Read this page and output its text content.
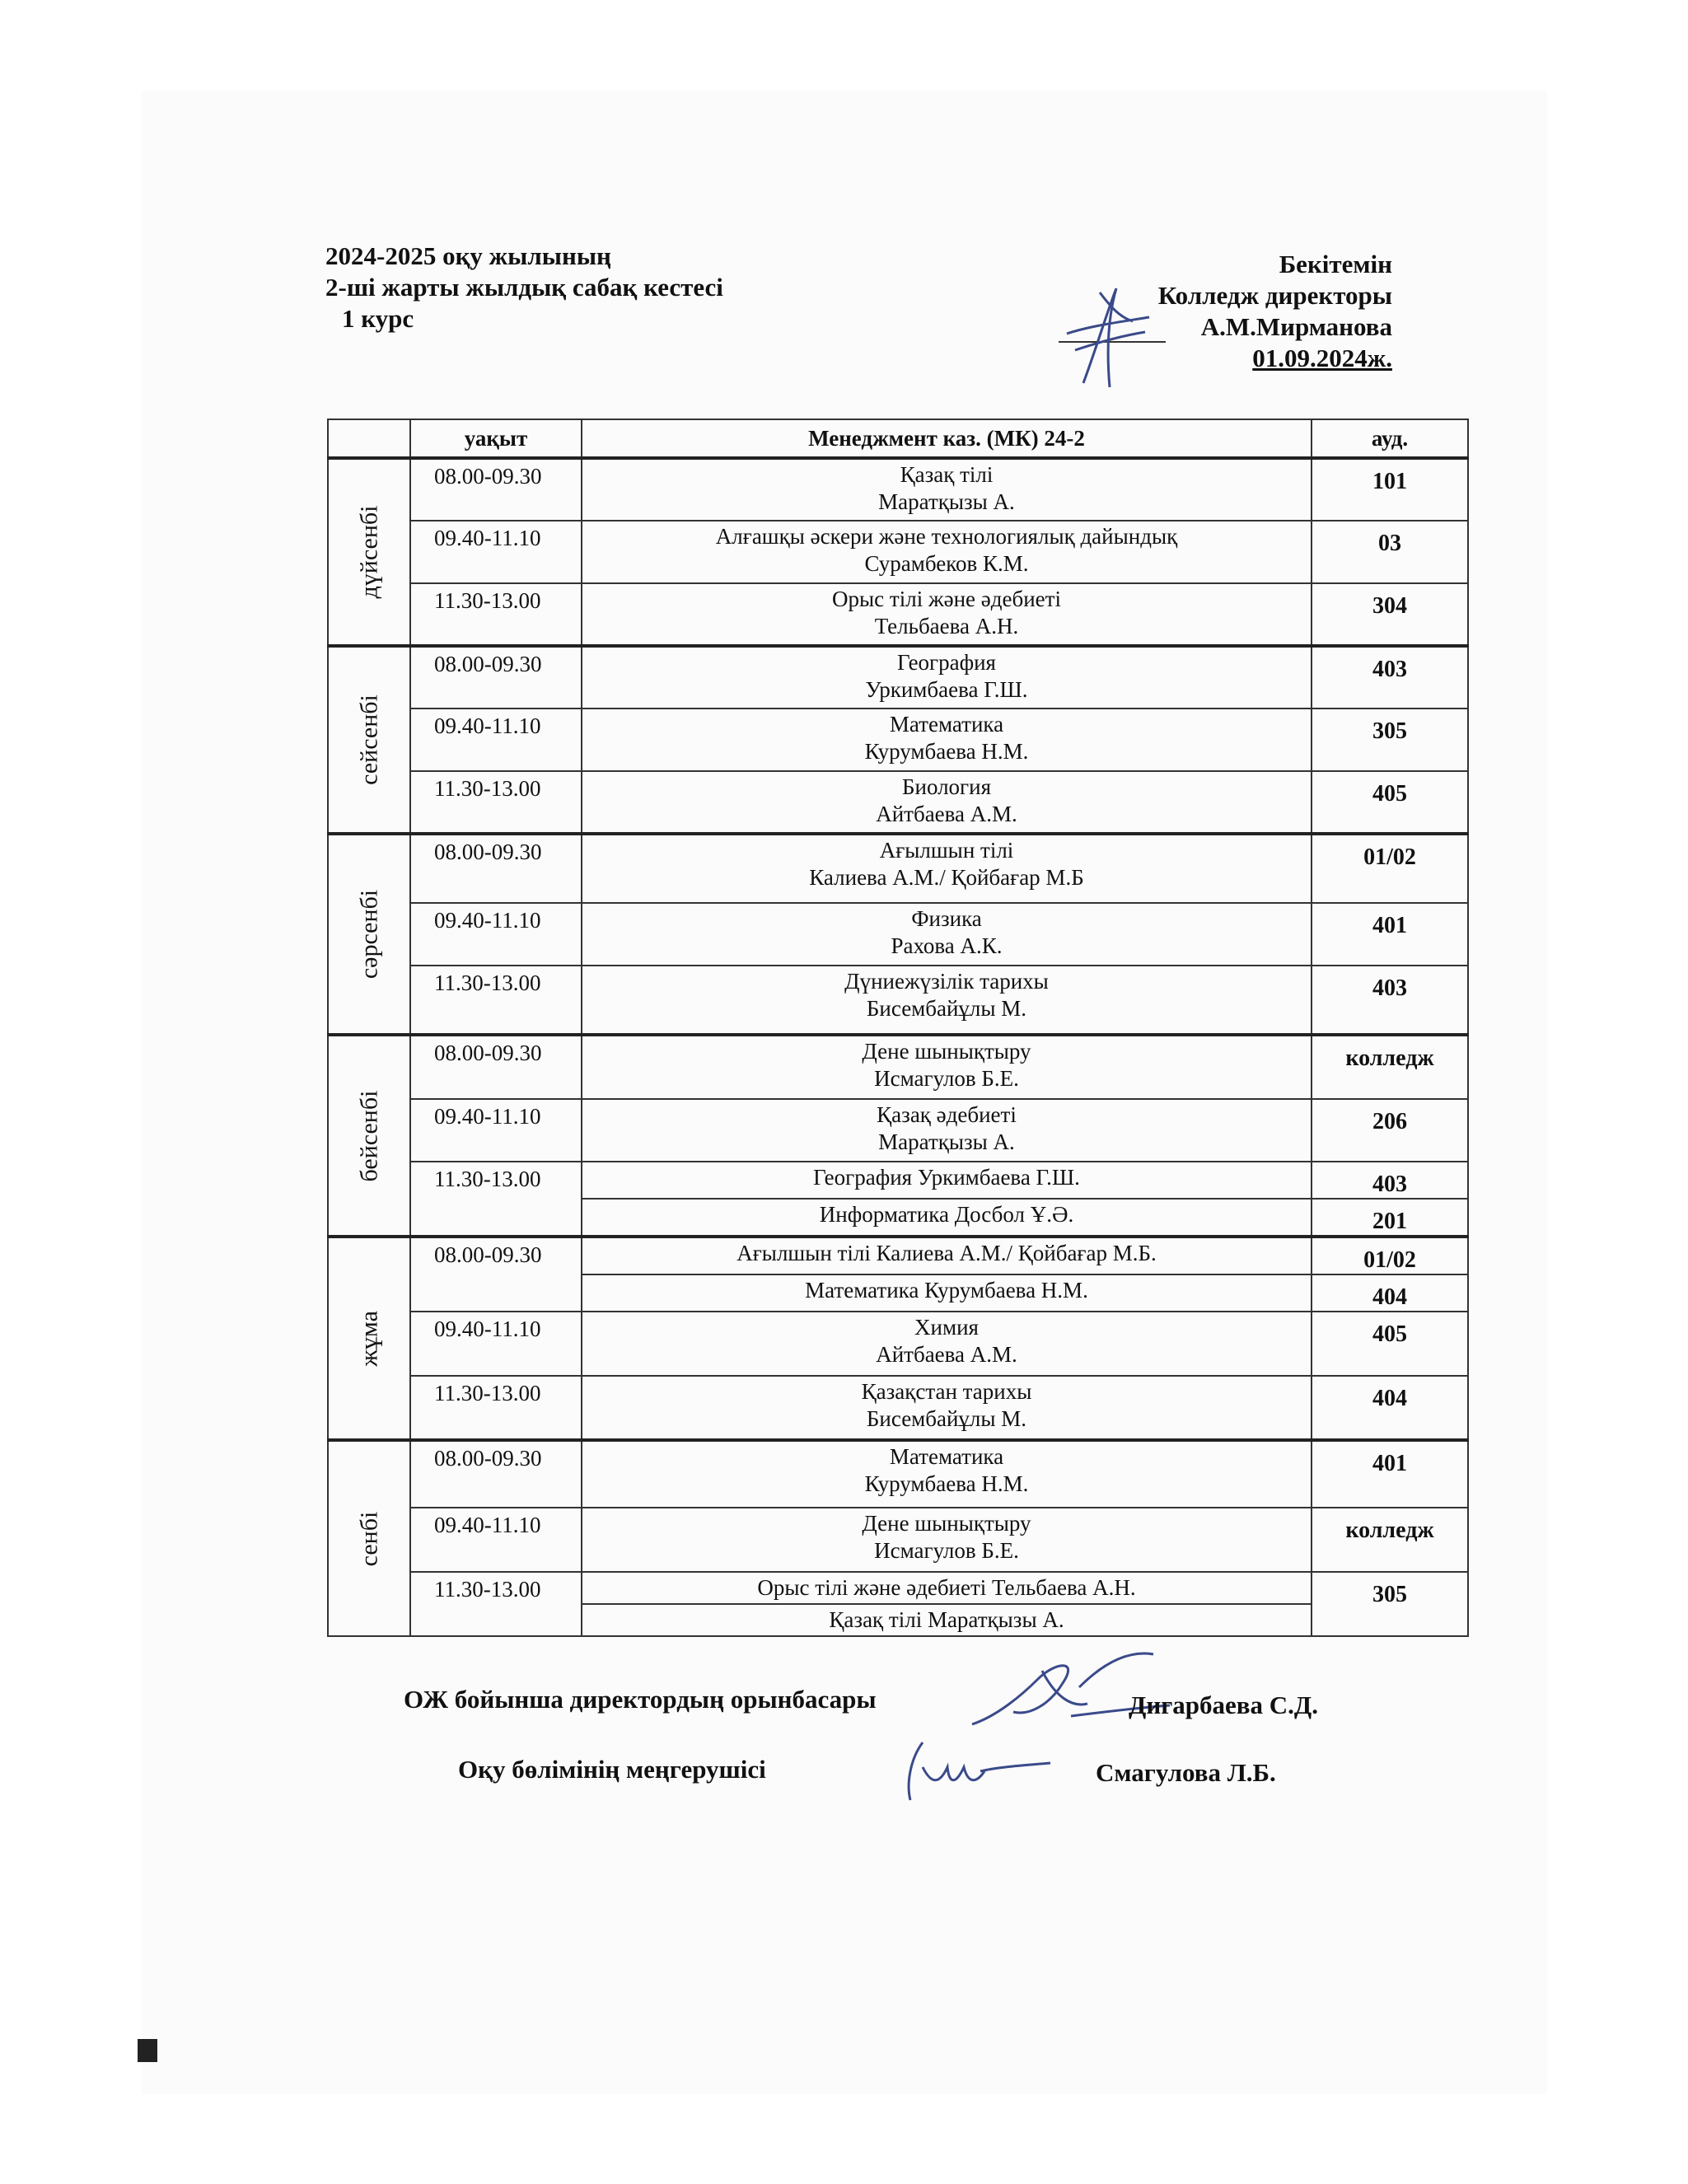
2024-2025 оқу жылының
2-ші жарты жылдық сабақ кестесі
1 курс
Бекітемін
Колледж директоры
А.М.Мирманова
01.09.2024ж.
	уақыт	Менеджмент каз. (МК) 24-2	ауд.

дүйсенбі	08.00-09.30	Қазақ тілі
Маратқызы А.	101
	09.40-11.10	Алғашқы әскери және технологиялық дайындық
Сурамбеков К.М.	03
	11.30-13.00	Орыс тілі және әдебиеті
Тельбаева А.Н.	304

сейсенбі	08.00-09.30	География
Уркимбаева Г.Ш.	403
	09.40-11.10	Математика
Курумбаева Н.М.	305
	11.30-13.00	Биология
Айтбаева А.М.	405

сәрсенбі	08.00-09.30	Ағылшын тілі
Калиева А.М./ Қойбағар М.Б	01/02
	09.40-11.10	Физика
Рахова А.К.	401
	11.30-13.00	Дүниежүзілік тарихы
Бисембайұлы М.	403

бейсенбі	08.00-09.30	Дене шынықтыру
Исмагулов Б.Е.	колледж
	09.40-11.10	Қазақ әдебиеті
Маратқызы А.	206
	11.30-13.00	География Уркимбаева Г.Ш.	403
		Информатика Досбол Ұ.Ә.	201

жұма	08.00-09.30	Ағылшын тілі Калиева А.М./ Қойбағар М.Б.	01/02
		Математика Курумбаева Н.М.	404
	09.40-11.10	Химия
Айтбаева А.М.	405
	11.30-13.00	Қазақстан тарихы
Бисембайұлы М.	404

сенбі	08.00-09.30	Математика
Курумбаева Н.М.	401
	09.40-11.10	Дене шынықтыру
Исмагулов Б.Е.	колледж
	11.30-13.00	Орыс тілі және әдебиеті Тельбаева А.Н.	305
		Қазақ тілі Маратқызы А.	
ОЖ бойынша директордың орынбасары	Дигарбаева С.Д.
Оқу бөлімінің меңгерушісі	Смагулова Л.Б.
